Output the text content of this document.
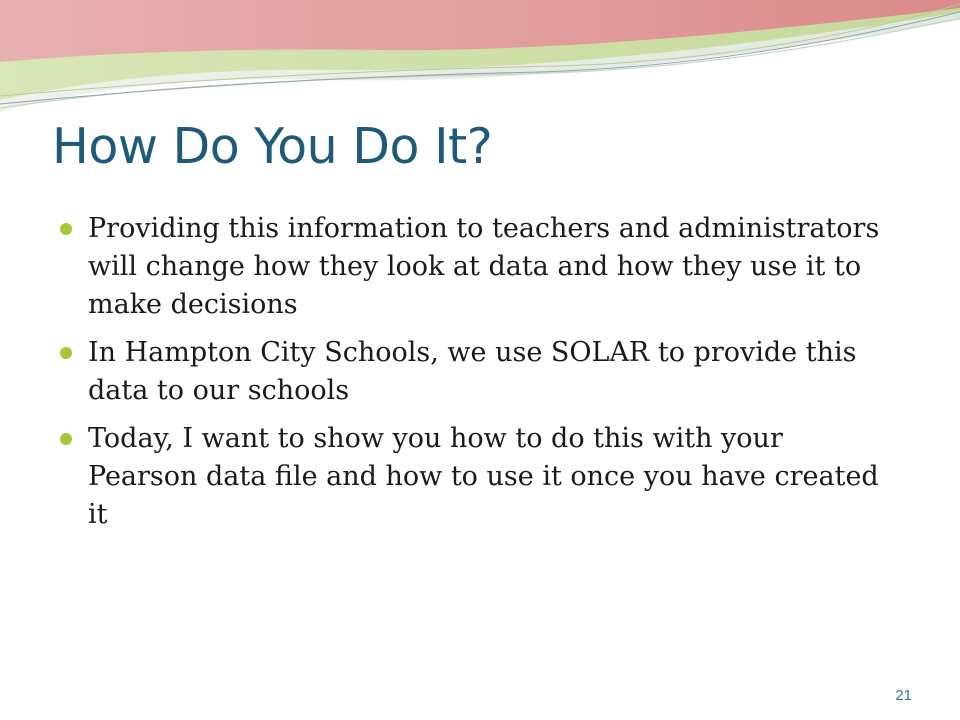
How Do You Do It?
Providing this information to teachers and administrators will change how they look at data and how they use it to make decisions
In Hampton City Schools, we use SOLAR to provide this data to our schools
Today, I want to show you how to do this with your Pearson data file and how to use it once you have created it
21
